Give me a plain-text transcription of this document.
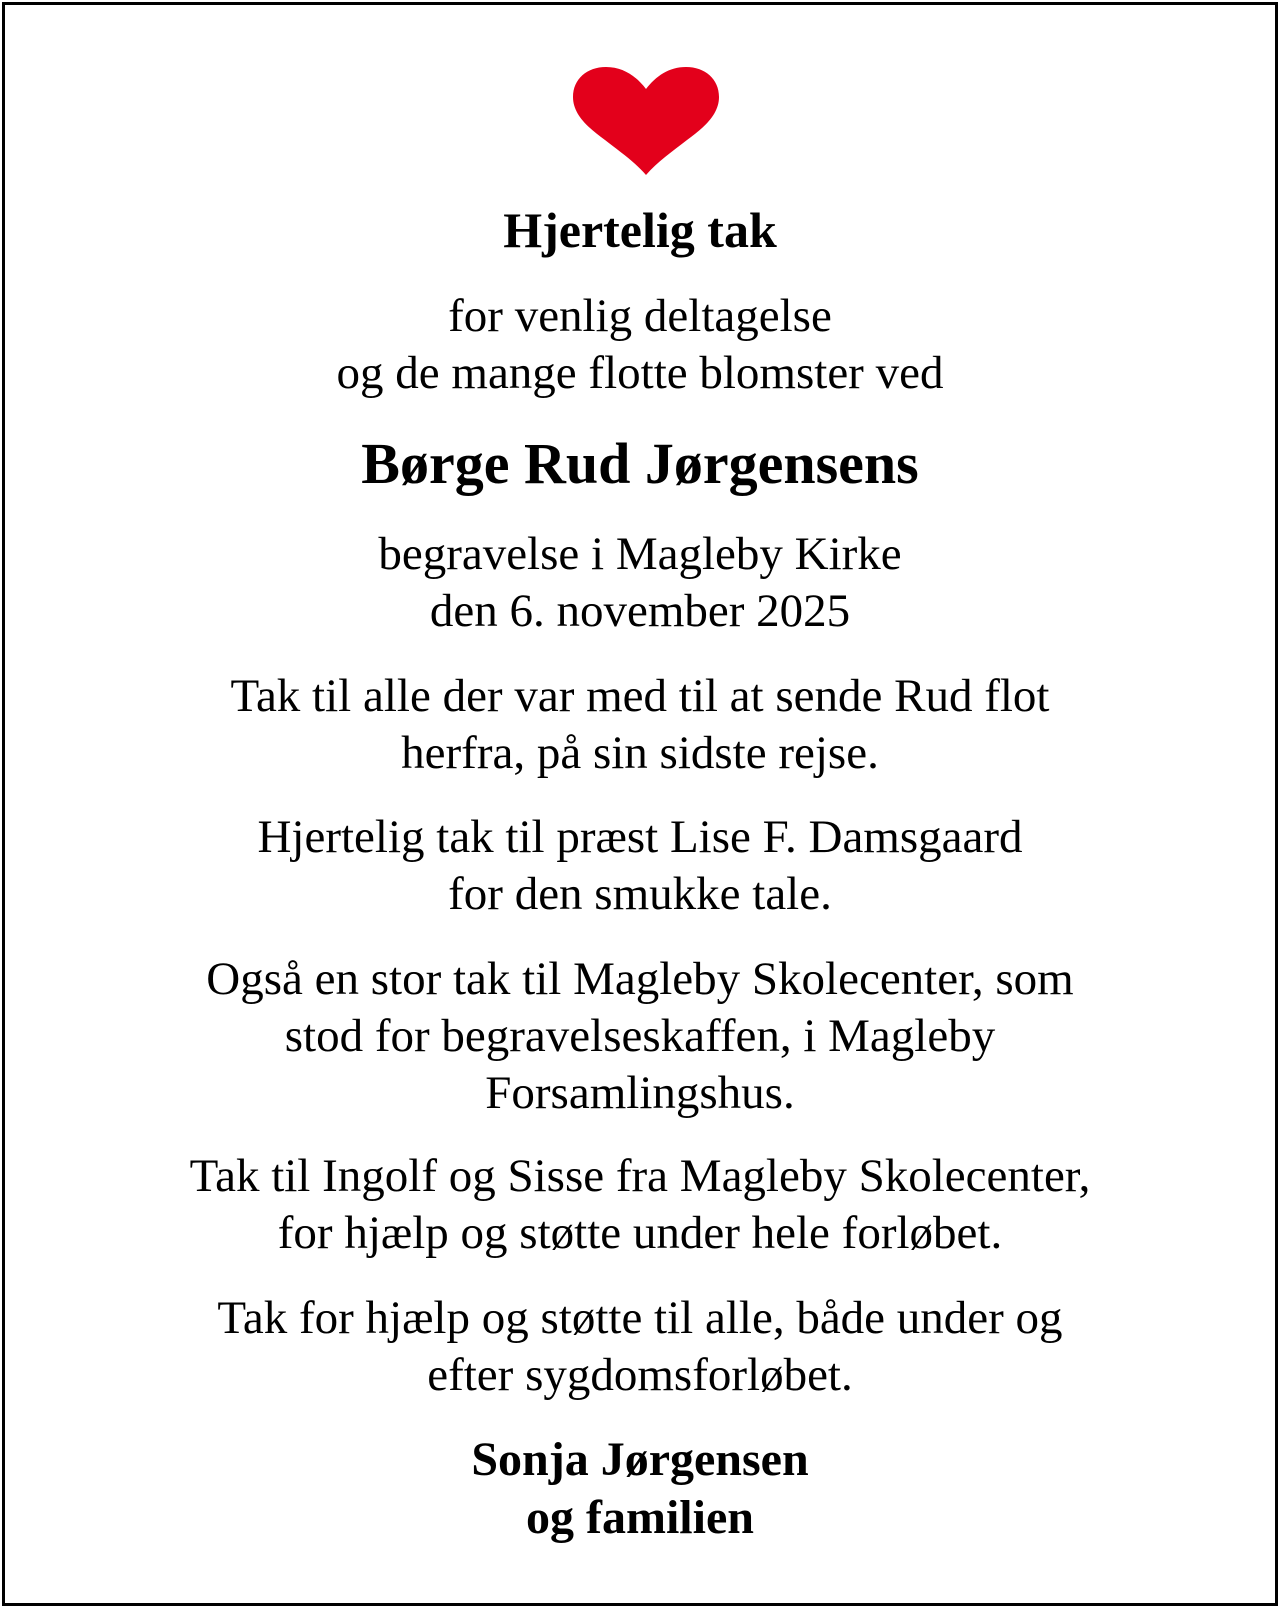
Hjertelig tak
for venlig deltagelse
og de mange flotte blomster ved
Børge Rud Jørgensens
begravelse i Magleby Kirke
den 6. november 2025
Tak til alle der var med til at sende Rud flot
herfra, på sin sidste rejse.
Hjertelig tak til præst Lise F. Damsgaard
for den smukke tale.
Også en stor tak til Magleby Skolecenter, som
stod for begravelseskaffen, i Magleby
Forsamlingshus.
Tak til Ingolf og Sisse fra Magleby Skolecenter,
for hjælp og støtte under hele forløbet.
Tak for hjælp og støtte til alle, både under og
efter sygdomsforløbet.
Sonja Jørgensen
og familien
